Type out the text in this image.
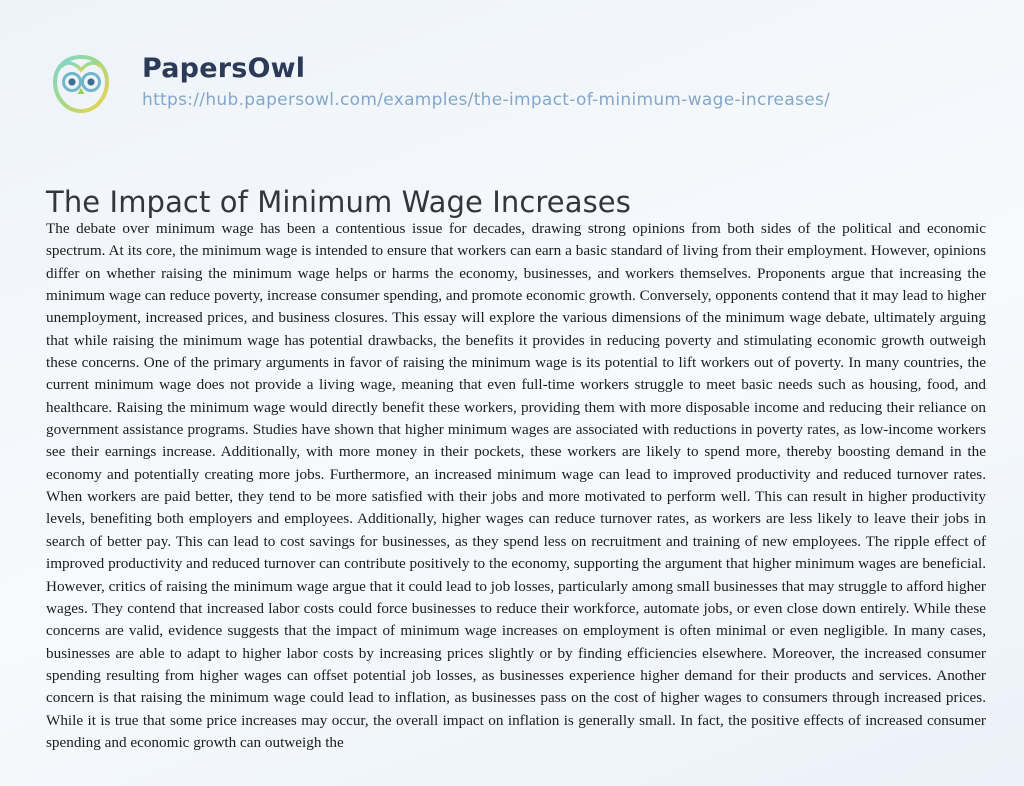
PapersOwl
https://hub.papersowl.com/examples/the-impact-of-minimum-wage-increases/
The Impact of Minimum Wage Increases
The debate over minimum wage has been a contentious issue for decades, drawing strong opinions from both sides of the political and economic spectrum. At its core, the minimum wage is intended to ensure that workers can earn a basic standard of living from their employment. However, opinions differ on whether raising the minimum wage helps or harms the economy, businesses, and workers themselves. Proponents argue that increasing the minimum wage can reduce poverty, increase consumer spending, and promote economic growth. Conversely, opponents contend that it may lead to higher unemployment, increased prices, and business closures. This essay will explore the various dimensions of the minimum wage debate, ultimately arguing that while raising the minimum wage has potential drawbacks, the benefits it provides in reducing poverty and stimulating economic growth outweigh these concerns. One of the primary arguments in favor of raising the minimum wage is its potential to lift workers out of poverty. In many countries, the current minimum wage does not provide a living wage, meaning that even full-time workers struggle to meet basic needs such as housing, food, and healthcare. Raising the minimum wage would directly benefit these workers, providing them with more disposable income and reducing their reliance on government assistance programs. Studies have shown that higher minimum wages are associated with reductions in poverty rates, as low-income workers see their earnings increase. Additionally, with more money in their pockets, these workers are likely to spend more, thereby boosting demand in the economy and potentially creating more jobs. Furthermore, an increased minimum wage can lead to improved productivity and reduced turnover rates. When workers are paid better, they tend to be more satisfied with their jobs and more motivated to perform well. This can result in higher productivity levels, benefiting both employers and employees. Additionally, higher wages can reduce turnover rates, as workers are less likely to leave their jobs in search of better pay. This can lead to cost savings for businesses, as they spend less on recruitment and training of new employees. The ripple effect of improved productivity and reduced turnover can contribute positively to the economy, supporting the argument that higher minimum wages are beneficial. However, critics of raising the minimum wage argue that it could lead to job losses, particularly among small businesses that may struggle to afford higher wages. They contend that increased labor costs could force businesses to reduce their workforce, automate jobs, or even close down entirely. While these concerns are valid, evidence suggests that the impact of minimum wage increases on employment is often minimal or even negligible. In many cases, businesses are able to adapt to higher labor costs by increasing prices slightly or by finding efficiencies elsewhere. Moreover, the increased consumer spending resulting from higher wages can offset potential job losses, as businesses experience higher demand for their products and services. Another concern is that raising the minimum wage could lead to inflation, as businesses pass on the cost of higher wages to consumers through increased prices. While it is true that some price increases may occur, the overall impact on inflation is generally small. In fact, the positive effects of increased consumer spending and economic growth can outweigh the
